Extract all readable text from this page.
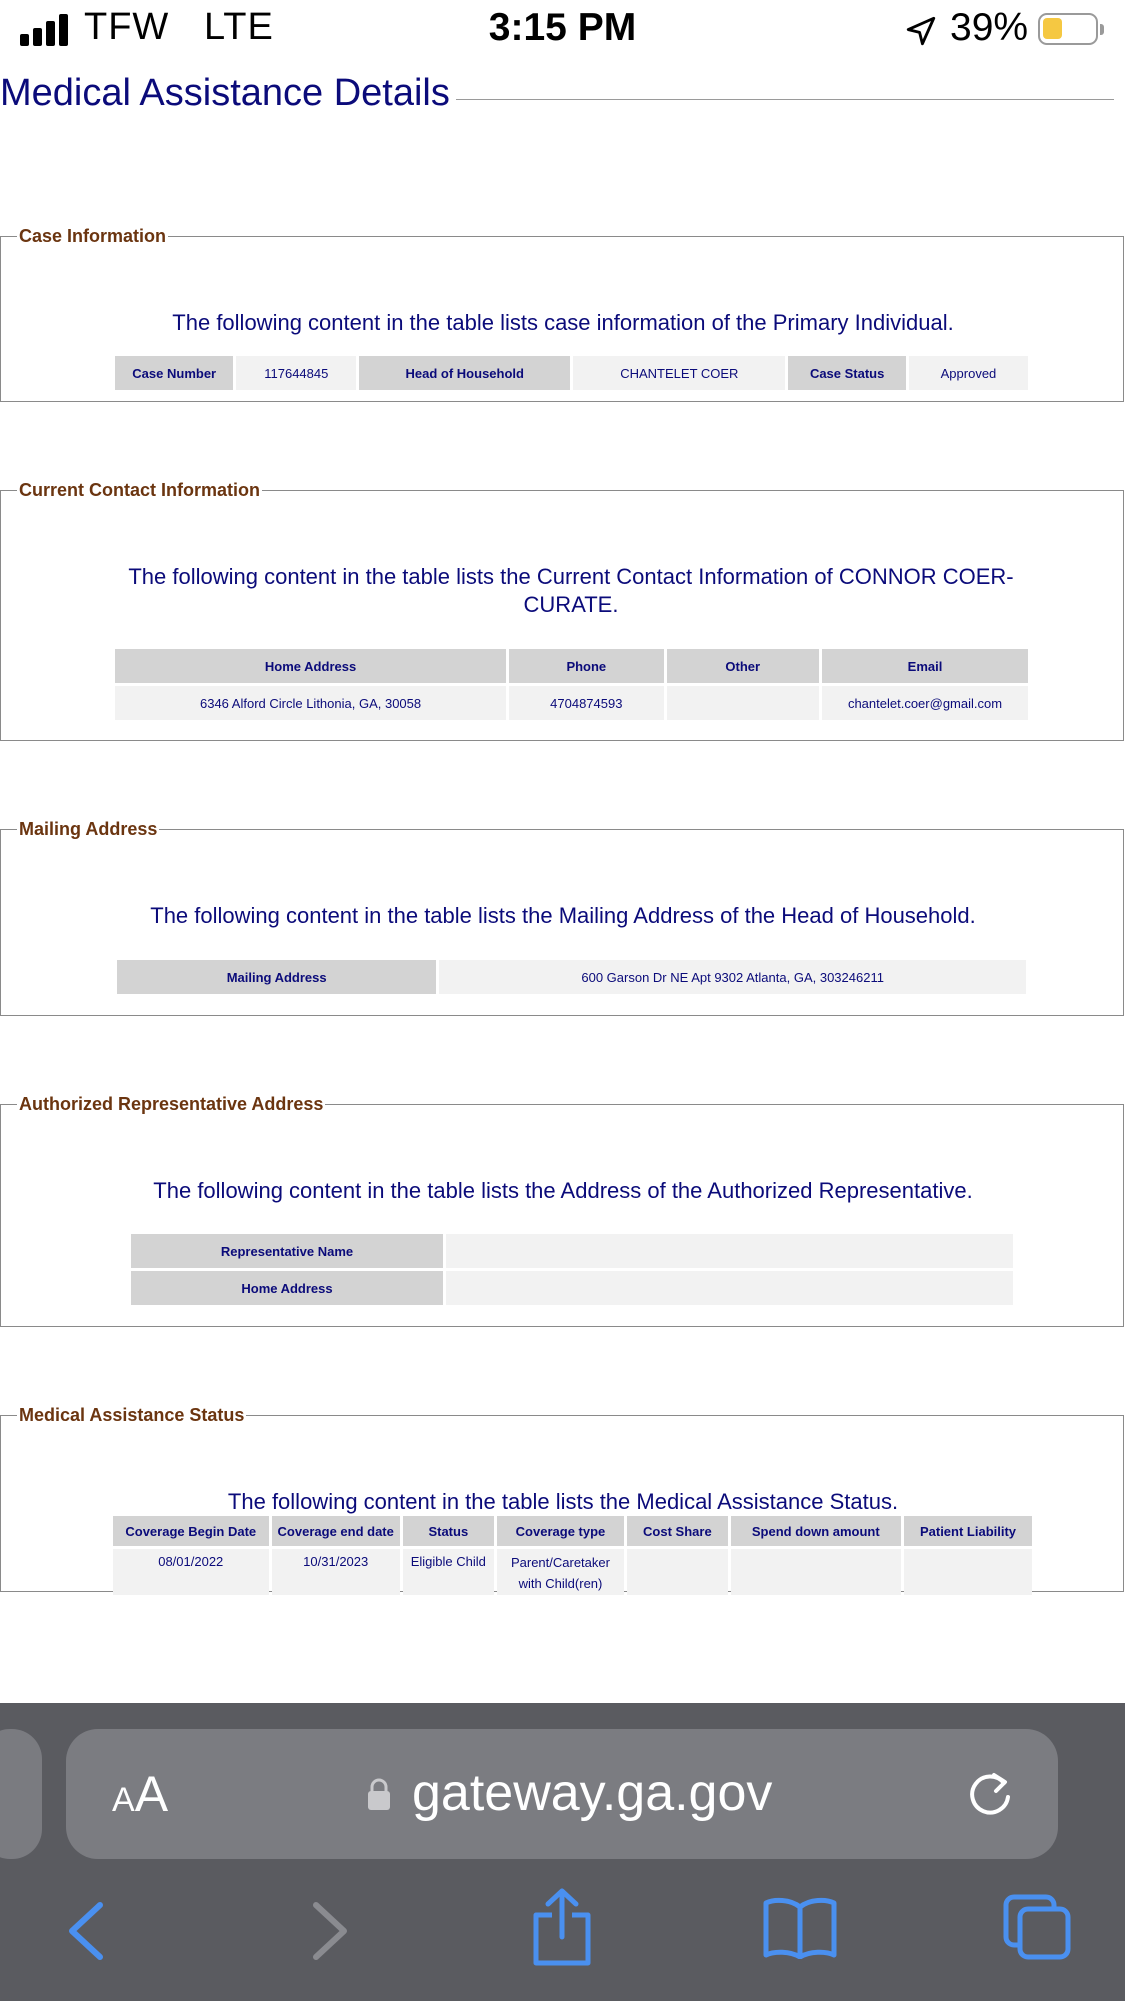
TFW LTE	3:15 PM	39%
Medical Assistance Details
Case Information
The following content in the table lists case information of the Primary Individual.
Case Number	117644845	Head of Household	CHANTELET COER	Case Status	Approved
Current Contact Information
The following content in the table lists the Current Contact Information of CONNOR COER-CURATE.
Home Address	Phone	Other	Email
6346 Alford Circle Lithonia, GA, 30058	4704874593		chantelet.coer@gmail.com
Mailing Address
The following content in the table lists the Mailing Address of the Head of Household.
Mailing Address	600 Garson Dr NE Apt 9302 Atlanta, GA, 303246211
Authorized Representative Address
The following content in the table lists the Address of the Authorized Representative.
Representative Name	
Home Address	
Medical Assistance Status
The following content in the table lists the Medical Assistance Status.
Coverage Begin Date	Coverage end date	Status	Coverage type	Cost Share	Spend down amount	Patient Liability
08/01/2022	10/31/2023	Eligible Child	Parent/Caretaker with Child(ren)			
AA	gateway.ga.gov
